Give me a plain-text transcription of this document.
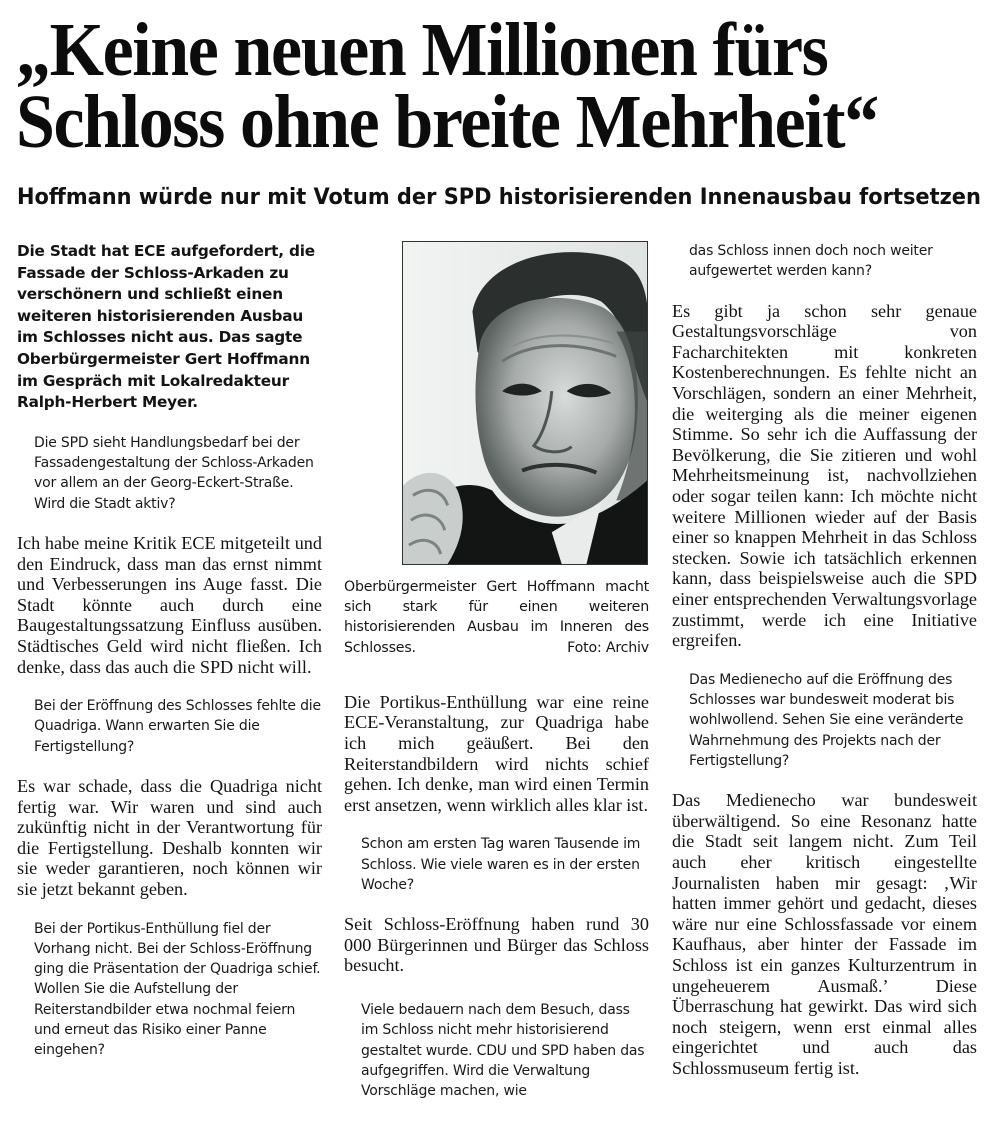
„Keine neuen Millionen fürs
Schloss ohne breite Mehrheit“
Hoffmann würde nur mit Votum der SPD historisierenden Innenausbau fortsetzen

Die Stadt hat ECE aufgefordert, die Fassade der Schloss-Arkaden zu verschönern und schließt einen weiteren historisierenden Ausbau im Schlosses nicht aus. Das sagte Oberbürgermeister Gert Hoffmann im Gespräch mit Lokalredakteur Ralph-Herbert Meyer.

Die SPD sieht Handlungsbedarf bei der Fassadengestaltung der Schloss-Arkaden vor allem an der Georg-Eckert-Straße. Wird die Stadt aktiv?

Ich habe meine Kritik ECE mitgeteilt und den Eindruck, dass man das ernst nimmt und Verbesserungen ins Auge fasst. Die Stadt könnte auch durch eine Baugestaltungssatzung Einfluss ausüben. Städtisches Geld wird nicht fließen. Ich denke, dass das auch die SPD nicht will.

Bei der Eröffnung des Schlosses fehlte die Quadriga. Wann erwarten Sie die Fertigstellung?

Es war schade, dass die Quadriga nicht fertig war. Wir waren und sind auch zukünftig nicht in der Verantwortung für die Fertigstellung. Deshalb konnten wir sie weder garantieren, noch können wir sie jetzt bekannt geben.

Bei der Portikus-Enthüllung fiel der Vorhang nicht. Bei der Schloss-Eröffnung ging die Präsentation der Quadriga schief. Wollen Sie die Aufstellung der Reiterstandbilder etwa nochmal feiern und erneut das Risiko einer Panne eingehen?

Oberbürgermeister Gert Hoffmann macht sich stark für einen weiteren historisierenden Ausbau im Inneren des Schlosses.	Foto: Archiv

Die Portikus-Enthüllung war eine reine ECE-Veranstaltung, zur Quadriga habe ich mich geäußert. Bei den Reiterstandbildern wird nichts schief gehen. Ich denke, man wird einen Termin erst ansetzen, wenn wirklich alles klar ist.

Schon am ersten Tag waren Tausende im Schloss. Wie viele waren es in der ersten Woche?

Seit Schloss-Eröffnung haben rund 30 000 Bürgerinnen und Bürger das Schloss besucht.

Viele bedauern nach dem Besuch, dass im Schloss nicht mehr historisierend gestaltet wurde. CDU und SPD haben das aufgegriffen. Wird die Verwaltung Vorschläge machen, wie

das Schloss innen doch noch weiter aufgewertet werden kann?

Es gibt ja schon sehr genaue Gestaltungsvorschläge von Facharchitekten mit konkreten Kostenberechnungen. Es fehlte nicht an Vorschlägen, sondern an einer Mehrheit, die weiterging als die meiner eigenen Stimme. So sehr ich die Auffassung der Bevölkerung, die Sie zitieren und wohl Mehrheitsmeinung ist, nachvollziehen oder sogar teilen kann: Ich möchte nicht weitere Millionen wieder auf der Basis einer so knappen Mehrheit in das Schloss stecken. Sowie ich tatsächlich erkennen kann, dass beispielsweise auch die SPD einer entsprechenden Verwaltungsvorlage zustimmt, werde ich eine Initiative ergreifen.

Das Medienecho auf die Eröffnung des Schlosses war bundesweit moderat bis wohlwollend. Sehen Sie eine veränderte Wahrnehmung des Projekts nach der Fertigstellung?

Das Medienecho war bundesweit überwältigend. So eine Resonanz hatte die Stadt seit langem nicht. Zum Teil auch eher kritisch eingestellte Journalisten haben mir gesagt: ‚Wir hatten immer gehört und gedacht, dieses wäre nur eine Schlossfassade vor einem Kaufhaus, aber hinter der Fassade im Schloss ist ein ganzes Kulturzentrum in ungeheuerem Ausmaß.’ Diese Überraschung hat gewirkt. Das wird sich noch steigern, wenn erst einmal alles eingerichtet und auch das Schlossmuseum fertig ist.
